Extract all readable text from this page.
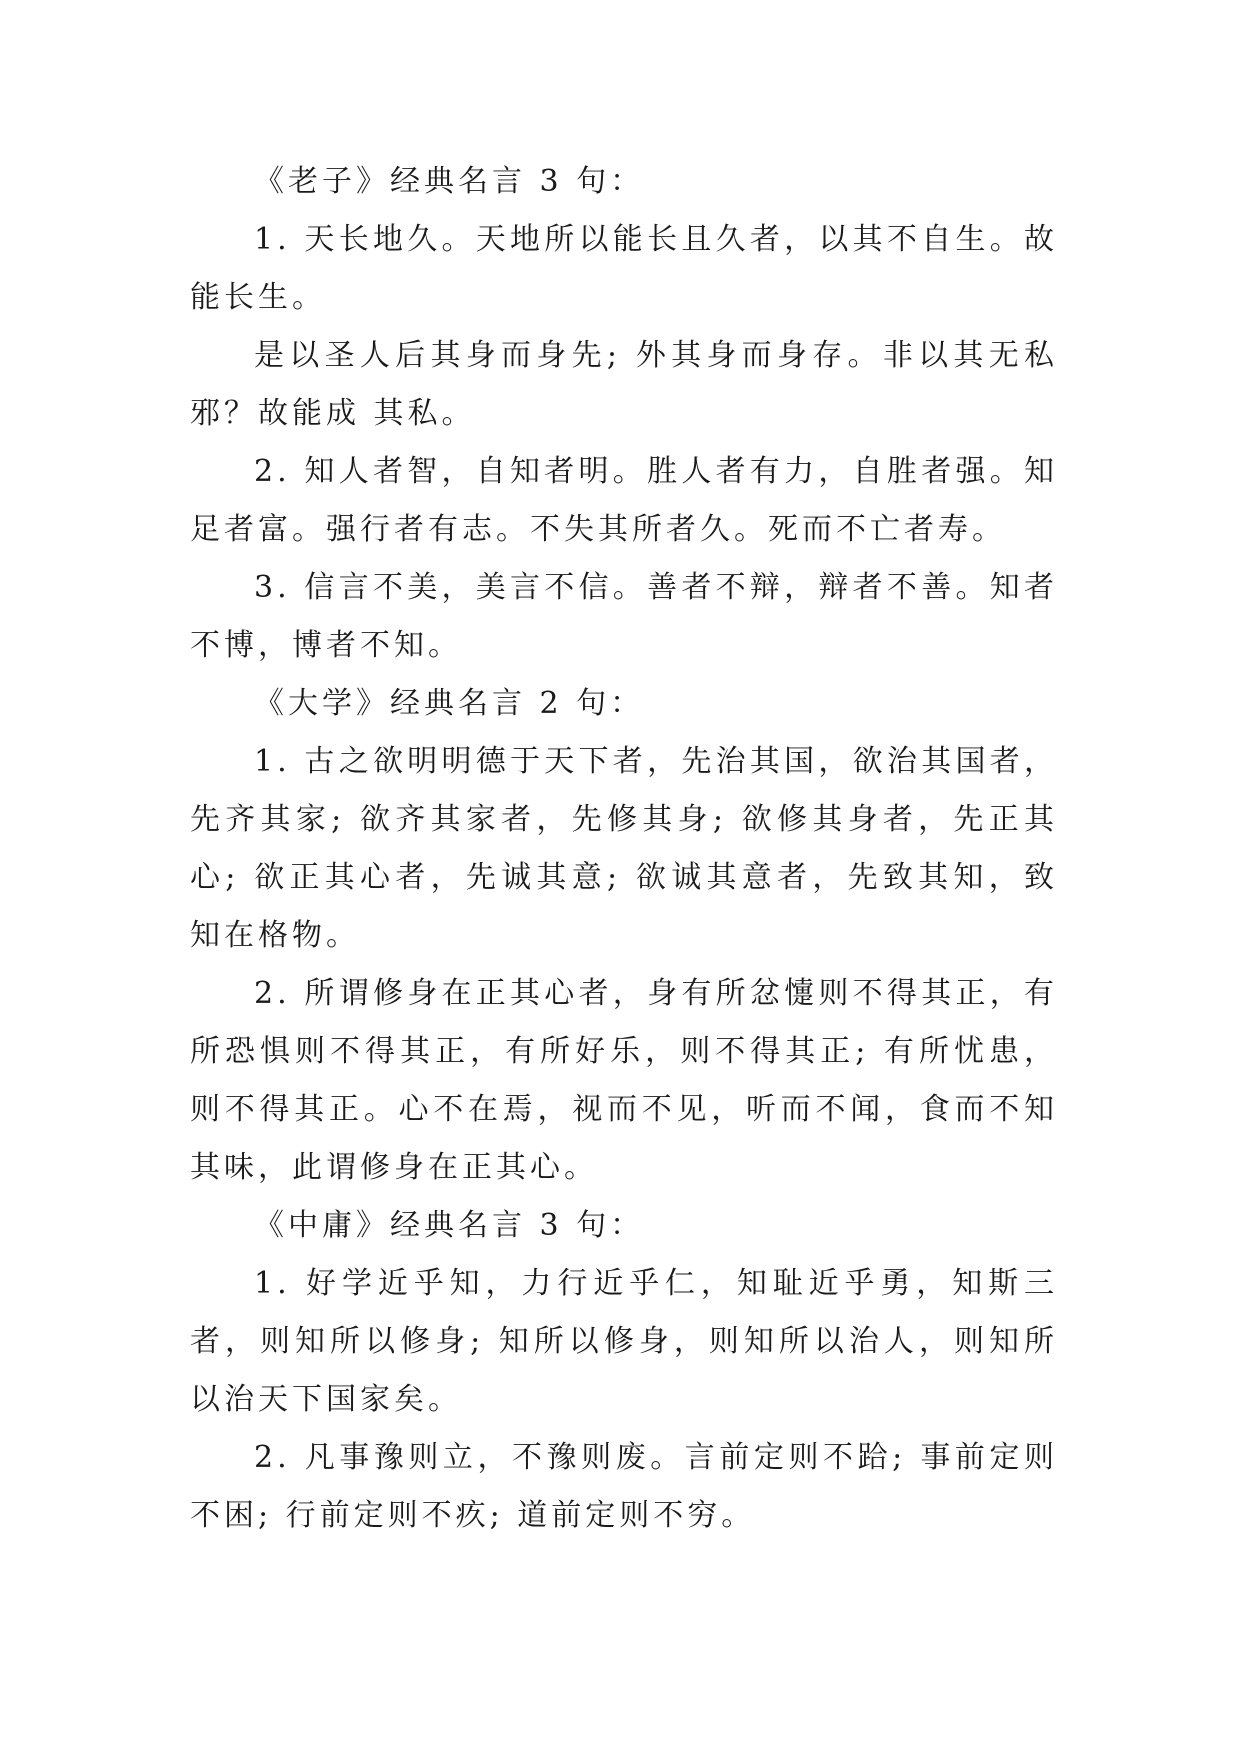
《老子》经典名言 3 句：

1. 天长地久。天地所以能长且久者，以其不自生。故能长生。

是以圣人后其身而身先; 外其身而身存。非以其无私邪？故能成 其私。

2. 知人者智，自知者明。胜人者有力，自胜者强。知足者富。强行者有志。不失其所者久。死而不亡者寿。

3. 信言不美，美言不信。善者不辩，辩者不善。知者不博，博者不知。

《大学》经典名言 2 句：

1. 古之欲明明德于天下者，先治其国，欲治其国者，先齐其家; 欲齐其家者，先修其身; 欲修其身者，先正其心; 欲正其心者，先诚其意; 欲诚其意者，先致其知，致知在格物。

2. 所谓修身在正其心者，身有所忿懥则不得其正，有所恐惧则不得其正，有所好乐，则不得其正; 有所忧患，则不得其正。心不在焉，视而不见，听而不闻，食而不知其味，此谓修身在正其心。

《中庸》经典名言 3 句：

1. 好学近乎知，力行近乎仁，知耻近乎勇，知斯三者，则知所以修身; 知所以修身，则知所以治人，则知所以治天下国家矣。

2. 凡事豫则立，不豫则废。言前定则不跲; 事前定则不困; 行前定则不疚; 道前定则不穷。
